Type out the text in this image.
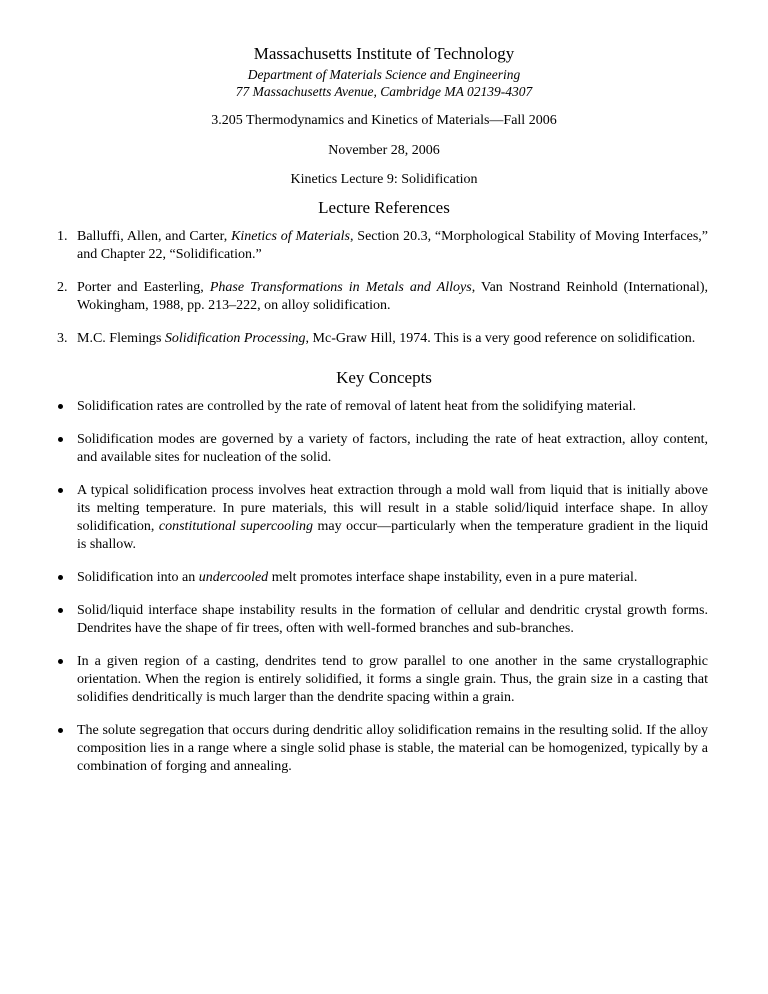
Massachusetts Institute of Technology
Department of Materials Science and Engineering
77 Massachusetts Avenue, Cambridge MA 02139-4307
3.205 Thermodynamics and Kinetics of Materials—Fall 2006
November 28, 2006
Kinetics Lecture 9: Solidification
Lecture References
1. Balluffi, Allen, and Carter, Kinetics of Materials, Section 20.3, “Morphological Stability of Moving Interfaces,” and Chapter 22, “Solidification.”
2. Porter and Easterling, Phase Transformations in Metals and Alloys, Van Nostrand Reinhold (International), Wokingham, 1988, pp. 213–222, on alloy solidification.
3. M.C. Flemings Solidification Processing, Mc-Graw Hill, 1974. This is a very good reference on solidification.
Key Concepts
Solidification rates are controlled by the rate of removal of latent heat from the solidifying material.
Solidification modes are governed by a variety of factors, including the rate of heat extraction, alloy content, and available sites for nucleation of the solid.
A typical solidification process involves heat extraction through a mold wall from liquid that is initially above its melting temperature. In pure materials, this will result in a stable solid/liquid interface shape. In alloy solidification, constitutional supercooling may occur—particularly when the temperature gradient in the liquid is shallow.
Solidification into an undercooled melt promotes interface shape instability, even in a pure material.
Solid/liquid interface shape instability results in the formation of cellular and dendritic crystal growth forms. Dendrites have the shape of fir trees, often with well-formed branches and sub-branches.
In a given region of a casting, dendrites tend to grow parallel to one another in the same crystallographic orientation. When the region is entirely solidified, it forms a single grain. Thus, the grain size in a casting that solidifies dendritically is much larger than the dendrite spacing within a grain.
The solute segregation that occurs during dendritic alloy solidification remains in the resulting solid. If the alloy composition lies in a range where a single solid phase is stable, the material can be homogenized, typically by a combination of forging and annealing.
